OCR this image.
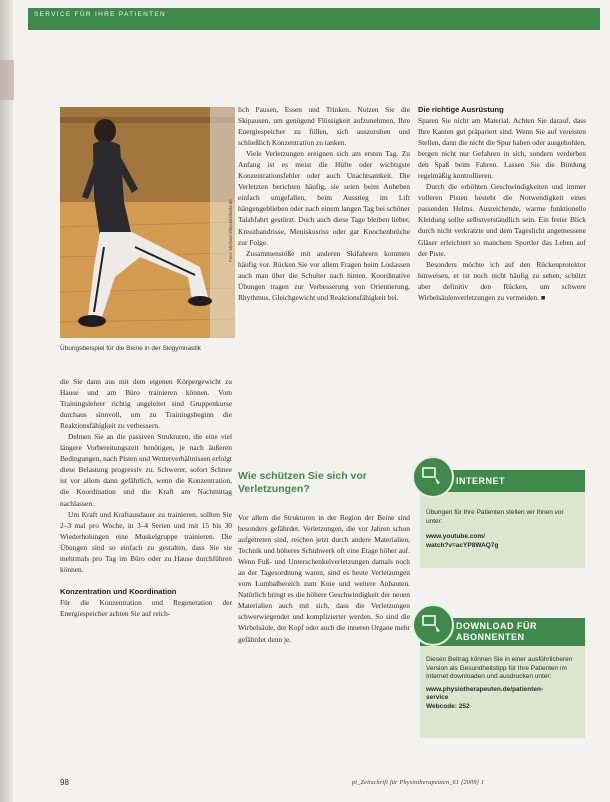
SERVICE FÜR IHRE PATIENTEN
Foto: Michael Zilinski/zilinski.de
Übungsbeispiel für die Beine in der Skigymnastik

die Sie dann aus mit dem eigenen Körpergewicht zu Hause und am Büro trainieren können. Vom Trainingslehrer richtig angeleitet sind Gruppenkurse durchaus sinnvoll, um zu Trainingsbeginn die Reaktionsfähigkeit zu verbessern.

Dehnen Sie an die passiven Strukturen, die eine viel längere Vorbereitungszeit benötigen, je nach äußeren Bedingungen, nach Pisten und Wetterverhältnissen erfolgt diese Belastung progressiv zu. Schwerer, sofort Schnee ist vor allem dann gefährlich, wenn die Konzentration, die Koordination und die Kraft am Nachmittag nachlassen.

Um Kraft und Kraftausdauer zu trainieren, sollten Sie 2–3 mal pro Woche, in 3–4 Serien und mit 15 bis 30 Wiederholungen eine Muskelgruppe trainieren. Die Übungen sind so einfach zu gestalten, dass Sie sie mehrmals pro Tag im Büro oder zu Hause durchführen können.

Konzentration und Koordination

Für die Konzentration und Regeneration der Energiespeicher achten Sie auf reich-

lich Pausen, Essen und Trinken. Nutzen Sie die Skipausen, um genügend Flüssigkeit aufzunehmen, Ihre Energiespeicher zu füllen, sich auszuruhen und schließlich Konzentration zu tanken.

Viele Verletzungen ereignen sich am ersten Tag. Zu Anfang ist es meist die Hüfte oder wichtigste Konzentrationsfehler oder auch Unachtsamkeit. Die Verletzten berichten häufig, sie seien beim Anheben einfach umgefallen, beim Ausstieg im Lift hängengeblieben oder nach einem langen Tag bei schöner Talabfahrt gestürzt. Doch auch diese Tage bleiben lieber, Kreuzbandrisse, Meniskusriss oder gar Knochenbrüche zur Folge.

Zusammenstöße mit anderen Skifahrern kommen häufig vor. Rücken Sie vor allem Fragen beim Loslassen auch man über die Schulter nach hinten. Koordinative Übungen tragen zur Verbesserung von Orientierung, Rhythmus, Gleichgewicht und Reaktionsfähigkeit bei.

Wie schützen Sie sich vor Verletzungen?

Vor allem die Strukturen in der Region der Beine sind besonders gefährdet. Verletzungen, die vor Jahren schon aufgetreten sind, reichen jetzt durch andere Materialien, Technik und höheres Schuhwerk oft eine Etage höher auf. Wenn Fuß- und Unterschenkelverletzungen damals noch an der Tagesordnung waren, sind es heute Verletzungen vom Lumbalbereich zum Knie und weitere Anbauten. Natürlich bringt es die höhere Geschwindigkeit der neuen Materialien auch mit sich, dass die Verletzungen schwerwiegender und komplizierter werden. So sind die Wirbelsäule, der Kopf oder auch die inneren Organe mehr gefährdet denn je.

Die richtige Ausrüstung

Sparen Sie nicht am Material. Achten Sie darauf, dass Ihre Kanten gut präpariert sind. Wenn Sie auf vereisten Stellen, dann die nicht die Spur haben oder ausgehohlen, bergen nicht nur Gefahren in sich, sondern verderben den Spaß beim Fahren. Lassen Sie die Bindung regelmäßig kontrollieren.

Durch die erhöhten Geschwindigkeiten und immer volleren Pisten besteht die Notwendigkeit eines passenden Helms. Ausreichende, warme funktionelle Kleidung sollte selbstverständlich sein. Ein freier Blick durch nicht verkratzte und dem Tageslicht angemessene Gläser erleichtert so manchem Sportler das Leben auf der Piste.

Besonders möchte ich auf den Rückenprotektor hinweisen, er ist noch nicht häufig zu sehen, schützt aber definitiv den Rücken, um schwere Wirbelsäulenverletzungen zu vermeiden. ■

INTERNET
Übungen für Ihre Patienten stellen wir Ihnen vor unter:
www.youtube.com/
watch?v=acYP8WAQ7g
DOWNLOAD FÜR
ABONNENTEN
Diesen Beitrag können Sie in einer ausführlicheren Version als Gesundheitstipp für Ihre Patienten im Internet downloaden und ausdrucken unter:
www.physiotherapeuten.de/patienten-
service
Webcode: 252
98	pt_Zeitschrift für Physiotherapeuten_61 [2009] 1
